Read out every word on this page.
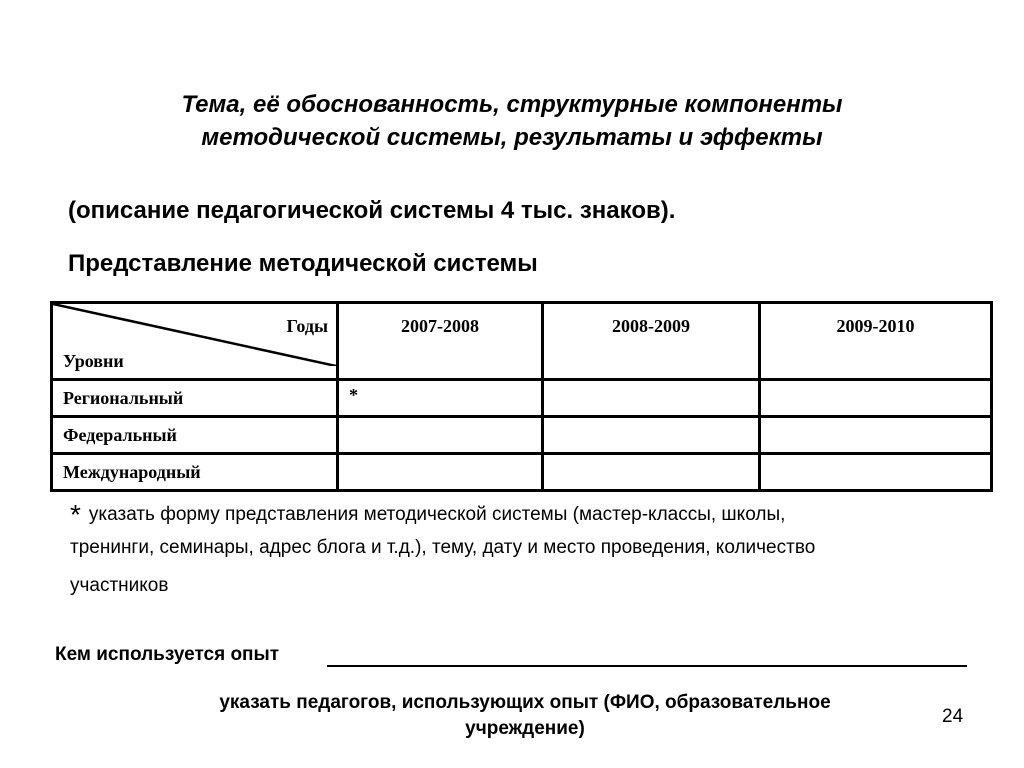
Тема, её обоснованность, структурные компоненты
методической системы, результаты и эффекты
(описание педагогической системы 4 тыс. знаков).
Представление методической системы
Годы
Уровни	2007-2008	2008-2009	2009-2010
Региональный	*		

Федеральный	

Международный	

* указать форму представления методической системы (мастер-классы, школы,
тренинги, семинары, адрес блога и т.д.), тему, дату и место проведения, количество
участников
Кем используется опыт
указать педагогов, использующих опыт (ФИО, образовательное
учреждение)
24
